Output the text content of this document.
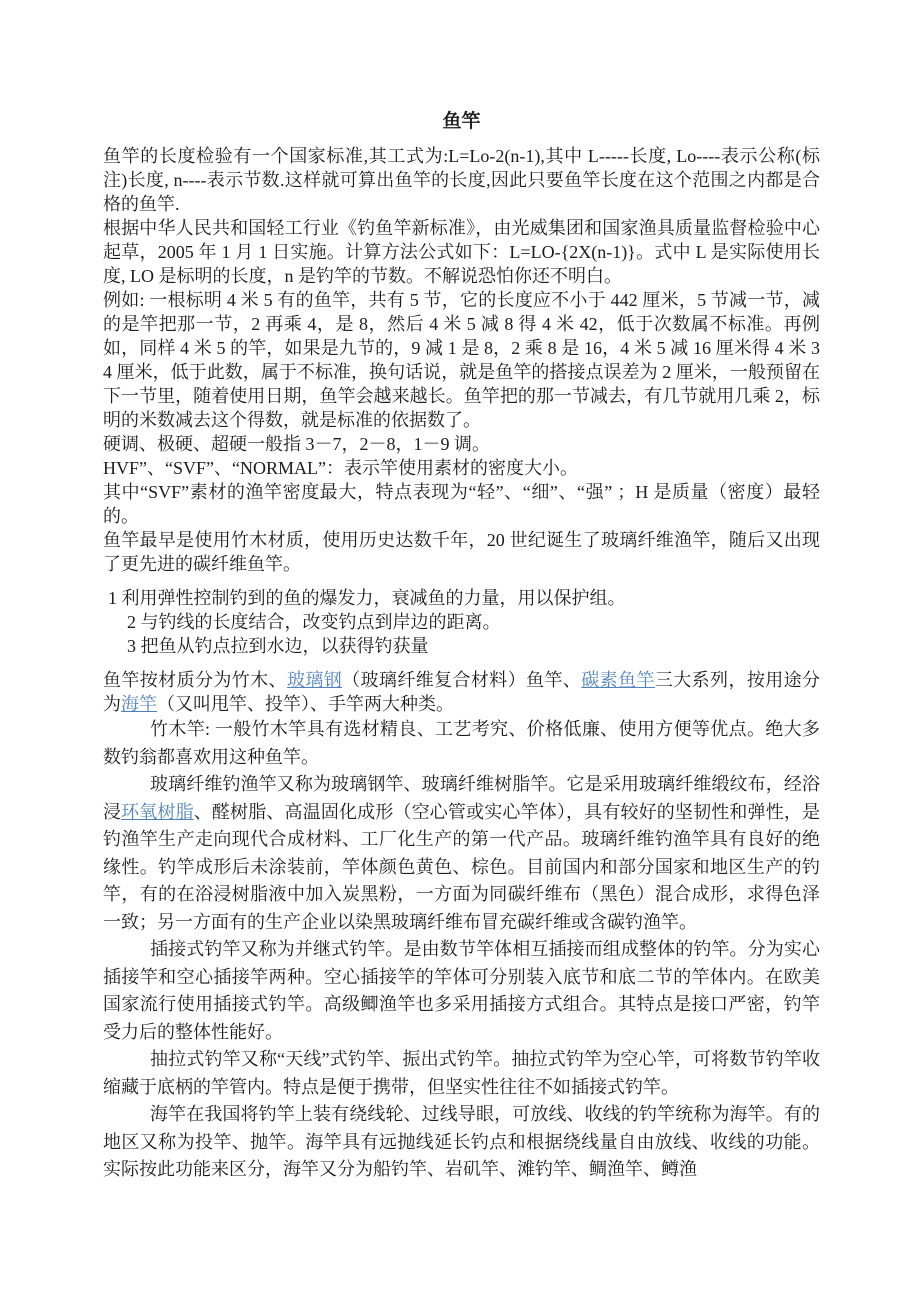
鱼竿

鱼竿的长度检验有一个国家标准,其工式为:L=Lo-2(n-1),其中 L-----长度, Lo----表示公称(标注)长度, n----表示节数.这样就可算出鱼竿的长度,因此只要鱼竿长度在这个范围之内都是合格的鱼竿.

根据中华人民共和国轻工行业《钓鱼竿新标准》，由光威集团和国家渔具质量监督检验中心起草，2005 年 1 月 1 日实施。计算方法公式如下：L=LO-{2X(n-1)}。式中 L 是实际使用长度, LO 是标明的长度，n 是钓竿的节数。不解说恐怕你还不明白。

例如: 一根标明 4 米 5 有的鱼竿，共有 5 节，它的长度应不小于 442 厘米，5 节减一节，减的是竿把那一节，2 再乘 4，是 8，然后 4 米 5 减 8 得 4 米 42，低于次数属不标准。再例如，同样 4 米 5 的竿，如果是九节的，9 减 1 是 8，2 乘 8 是 16，4 米 5 减 16 厘米得 4 米 34 厘米，低于此数，属于不标准，换句话说，就是鱼竿的搭接点误差为 2 厘米，一般预留在下一节里，随着使用日期，鱼竿会越来越长。鱼竿把的那一节减去，有几节就用几乘 2，标明的米数减去这个得数，就是标准的依据数了。

硬调、极硬、超硬一般指 3－7，2－8，1－9 调。

HVF”、“SVF”、“NORMAL”：表示竿使用素材的密度大小。

其中“SVF”素材的渔竿密度最大，特点表现为“轻”、“细”、“强” ；H 是质量（密度）最轻的。

鱼竿最早是使用竹木材质，使用历史达数千年，20 世纪诞生了玻璃纤维渔竿，随后又出现了更先进的碳纤维鱼竿。

1 利用弹性控制钓到的鱼的爆发力，衰减鱼的力量，用以保护组。

2 与钓线的长度结合，改变钓点到岸边的距离。

3 把鱼从钓点拉到水边，以获得钓获量

鱼竿按材质分为竹木、玻璃钢（玻璃纤维复合材料）鱼竿、碳素鱼竿三大系列，按用途分为海竿（又叫甩竿、投竿）、手竿两大种类。

竹木竿: 一般竹木竿具有选材精良、工艺考究、价格低廉、使用方便等优点。绝大多数钓翁都喜欢用这种鱼竿。

玻璃纤维钓渔竿又称为玻璃钢竿、玻璃纤维树脂竿。它是采用玻璃纤维缎纹布，经浴浸环氧树脂、醛树脂、高温固化成形（空心管或实心竿体），具有较好的坚韧性和弹性，是钓渔竿生产走向现代合成材料、工厂化生产的第一代产品。玻璃纤维钓渔竿具有良好的绝缘性。钓竿成形后未涂装前，竿体颜色黄色、棕色。目前国内和部分国家和地区生产的钓竿，有的在浴浸树脂液中加入炭黑粉，一方面为同碳纤维布（黑色）混合成形，求得色泽一致；另一方面有的生产企业以染黑玻璃纤维布冒充碳纤维或含碳钓渔竿。

插接式钓竿又称为并继式钓竿。是由数节竿体相互插接而组成整体的钓竿。分为实心插接竿和空心插接竿两种。空心插接竿的竿体可分别装入底节和底二节的竿体内。在欧美国家流行使用插接式钓竿。高级鲫渔竿也多采用插接方式组合。其特点是接口严密，钓竿受力后的整体性能好。

抽拉式钓竿又称“天线”式钓竿、振出式钓竿。抽拉式钓竿为空心竿，可将数节钓竿收缩藏于底柄的竿管内。特点是便于携带，但坚实性往往不如插接式钓竿。

海竿在我国将钓竿上装有绕线轮、过线导眼，可放线、收线的钓竿统称为海竿。有的地区又称为投竿、抛竿。海竿具有远抛线延长钓点和根据绕线量自由放线、收线的功能。实际按此功能来区分，海竿又分为船钓竿、岩矶竿、滩钓竿、鲷渔竿、鳟渔
